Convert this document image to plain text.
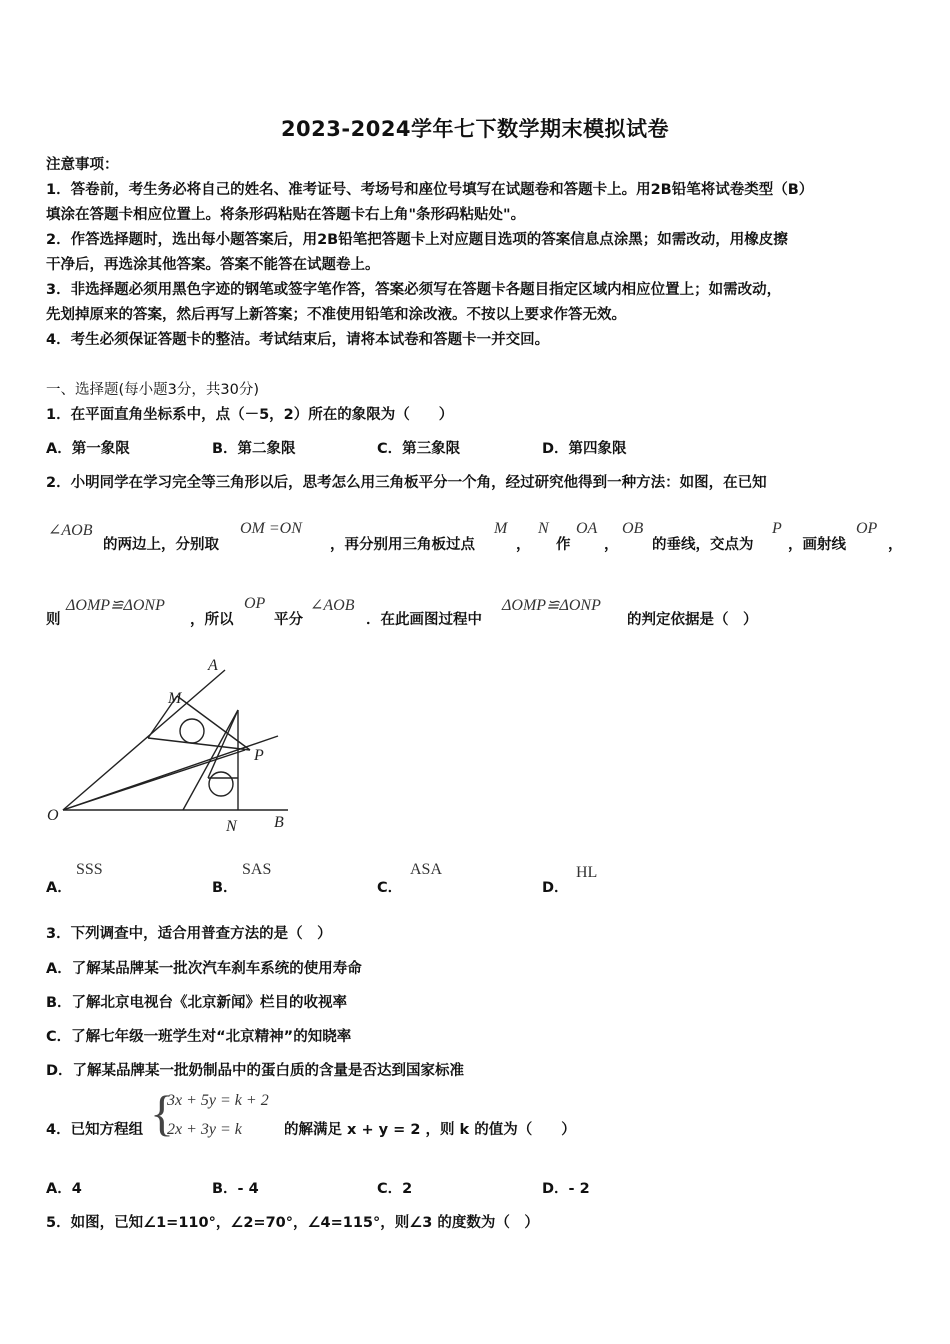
2023-2024学年七下数学期末模拟试卷
注意事项：
1．答卷前，考生务必将自己的姓名、准考证号、考场号和座位号填写在试题卷和答题卡上。用2B铅笔将试卷类型（B）
填涂在答题卡相应位置上。将条形码粘贴在答题卡右上角"条形码粘贴处"。
2．作答选择题时，选出每小题答案后，用2B铅笔把答题卡上对应题目选项的答案信息点涂黑；如需改动，用橡皮擦
干净后，再选涂其他答案。答案不能答在试题卷上。
3．非选择题必须用黑色字迹的钢笔或签字笔作答，答案必须写在答题卡各题目指定区域内相应位置上；如需改动，
先划掉原来的答案，然后再写上新答案；不准使用铅笔和涂改液。不按以上要求作答无效。
4．考生必须保证答题卡的整洁。考试结束后，请将本试卷和答题卡一并交回。
一、选择题(每小题3分，共30分)
1．在平面直角坐标系中，点（－5，2）所在的象限为（　　）
A．第一象限	B．第二象限	C．第三象限	D．第四象限
2．小明同学在学习完全等三角形以后，思考怎么用三角板平分一个角，经过研究他得到一种方法：如图，在已知
∠AOB
的两边上，分别取
OM =ON
，再分别用三角板过点
M
，
N
作
OA
，
OB
的垂线，交点为
P
，画射线
OP
，
则
ΔOMP≌ΔONP
，所以
OP
平分
∠AOB
．在此画图过程中
ΔOMP≌ΔONP
的判定依据是（　）
A
M
P
O
N B
A．
SSS
B．
SAS
C．
ASA
D．
HL
3．下列调查中，适合用普查方法的是（　）
A．了解某品牌某一批次汽车刹车系统的使用寿命
B．了解北京电视台《北京新闻》栏目的收视率
C．了解七年级一班学生对“北京精神”的知晓率
D．了解某品牌某一批奶制品中的蛋白质的含量是否达到国家标准
4．已知方程组 {
3x + 5y = k + 2
2x + 3y = k	的解满足 x + y = 2 ，则 k 的值为（　　）
A．4	B．- 4	C．2	D．- 2
5．如图，已知∠1=110°，∠2=70°，∠4=115°，则∠3 的度数为（　）
